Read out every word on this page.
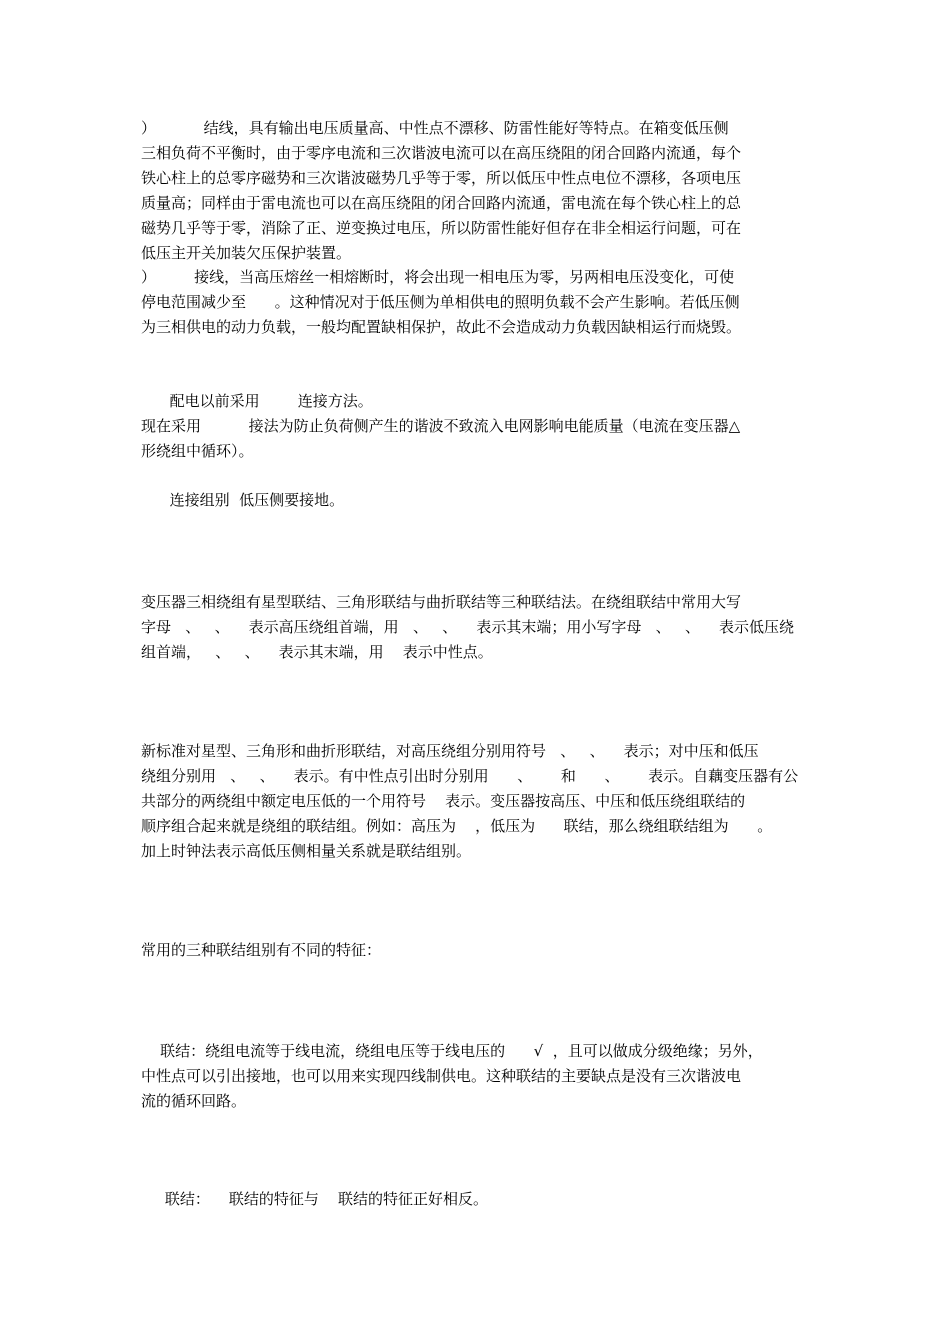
）          结线，具有输出电压质量高、中性点不漂移、防雷性能好等特点。在箱变低压侧
三相负荷不平衡时，由于零序电流和三次谐波电流可以在高压绕阻的闭合回路内流通，每个
铁心柱上的总零序磁势和三次谐波磁势几乎等于零，所以低压中性点电位不漂移，各项电压
质量高；同样由于雷电流也可以在高压绕阻的闭合回路内流通，雷电流在每个铁心柱上的总
磁势几乎等于零，消除了正、逆变换过电压，所以防雷性能好但存在非全相运行问题，可在
低压主开关加装欠压保护装置。
）        接线，当高压熔丝一相熔断时，将会出现一相电压为零，另两相电压没变化，可使
停电范围减少至      。这种情况对于低压侧为单相供电的照明负载不会产生影响。若低压侧
为三相供电的动力负载，一般均配置缺相保护，故此不会造成动力负载因缺相运行而烧毁。
配电以前采用        连接方法。
现在采用          接法为防止负荷侧产生的谐波不致流入电网影响电能质量（电流在变压器△
形绕组中循环）。
连接组别  低压侧要接地。
变压器三相绕组有星型联结、三角形联结与曲折联结等三种联结法。在绕组联结中常用大写
字母   、   、    表示高压绕组首端，用   、   、    表示其末端；用小写字母   、   、    表示低压绕
组首端，   、   、    表示其末端，用    表示中性点。
新标准对星型、三角形和曲折形联结，对高压绕组分别用符号   、   、    表示；对中压和低压
绕组分别用   、   、    表示。有中性点引出时分别用      、      和      、      表示。自藕变压器有公
共部分的两绕组中额定电压低的一个用符号    表示。变压器按高压、中压和低压绕组联结的
顺序组合起来就是绕组的联结组。例如：高压为    ，低压为      联结，那么绕组联结组为      。
加上时钟法表示高低压侧相量关系就是联结组别。
常用的三种联结组别有不同的特征：
联结：绕组电流等于线电流，绕组电压等于线电压的      √  ，且可以做成分级绝缘；另外，
中性点可以引出接地，也可以用来实现四线制供电。这种联结的主要缺点是没有三次谐波电
流的循环回路。
联结：    联结的特征与    联结的特征正好相反。
